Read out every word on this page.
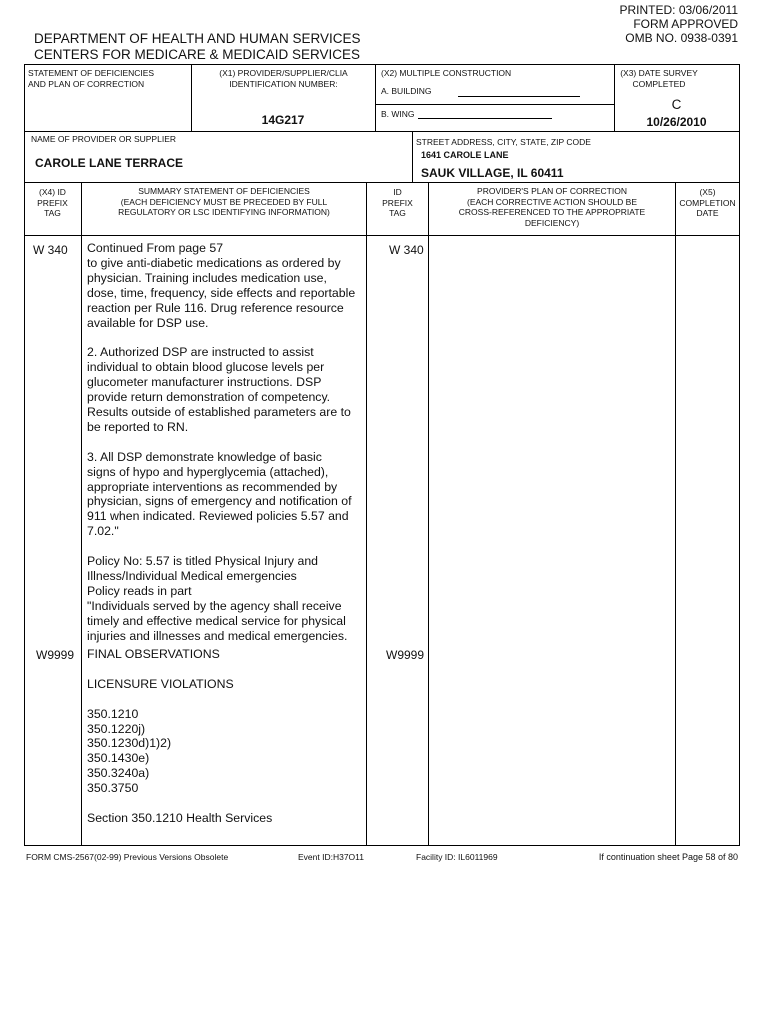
PRINTED: 03/06/2011
FORM APPROVED
OMB NO. 0938-0391
DEPARTMENT OF HEALTH AND HUMAN SERVICES
CENTERS FOR MEDICARE & MEDICAID SERVICES
STATEMENT OF DEFICIENCIES
AND PLAN OF CORRECTION
(X1) PROVIDER/SUPPLIER/CLIA
IDENTIFICATION NUMBER:
14G217
(X2) MULTIPLE CONSTRUCTION
A. BUILDING
B. WING
(X3) DATE SURVEY
COMPLETED
C
10/26/2010
NAME OF PROVIDER OR SUPPLIER
CAROLE LANE TERRACE
STREET ADDRESS, CITY, STATE, ZIP CODE
1641 CAROLE LANE
SAUK VILLAGE, IL 60411
(X4) ID
PREFIX
TAG
SUMMARY STATEMENT OF DEFICIENCIES
(EACH DEFICIENCY MUST BE PRECEDED BY FULL
REGULATORY OR LSC IDENTIFYING INFORMATION)
ID
PREFIX
TAG
PROVIDER'S PLAN OF CORRECTION
(EACH CORRECTIVE ACTION SHOULD BE
CROSS-REFERENCED TO THE APPROPRIATE
DEFICIENCY)
(X5)
COMPLETION
DATE
W 340	W 340
Continued From page 57
to give anti-diabetic medications as ordered by
physician. Training includes medication use,
dose, time, frequency, side effects and reportable
reaction per Rule 116. Drug reference resource
available for DSP use.

2. Authorized DSP are instructed to assist
individual to obtain blood glucose levels per
glucometer manufacturer instructions. DSP
provide return demonstration of competency.
Results outside of established parameters are to
be reported to RN.

3. All DSP demonstrate knowledge of basic
signs of hypo and hyperglycemia (attached),
appropriate interventions as recommended by
physician, signs of emergency and notification of
911 when indicated. Reviewed policies 5.57 and
7.02."

Policy No: 5.57 is titled Physical Injury and
Illness/Individual Medical emergencies
Policy reads in part
"Individuals served by the agency shall receive
timely and effective medical service for physical
injuries and illnesses and medical emergencies.
W9999	W9999
FINAL OBSERVATIONS

LICENSURE VIOLATIONS

350.1210
350.1220j)
350.1230d)1)2)
350.1430e)
350.3240a)
350.3750

Section 350.1210 Health Services
FORM CMS-2567(02-99) Previous Versions Obsolete	Event ID:H37O11	Facility ID: IL6011969	If continuation sheet Page 58 of 80
